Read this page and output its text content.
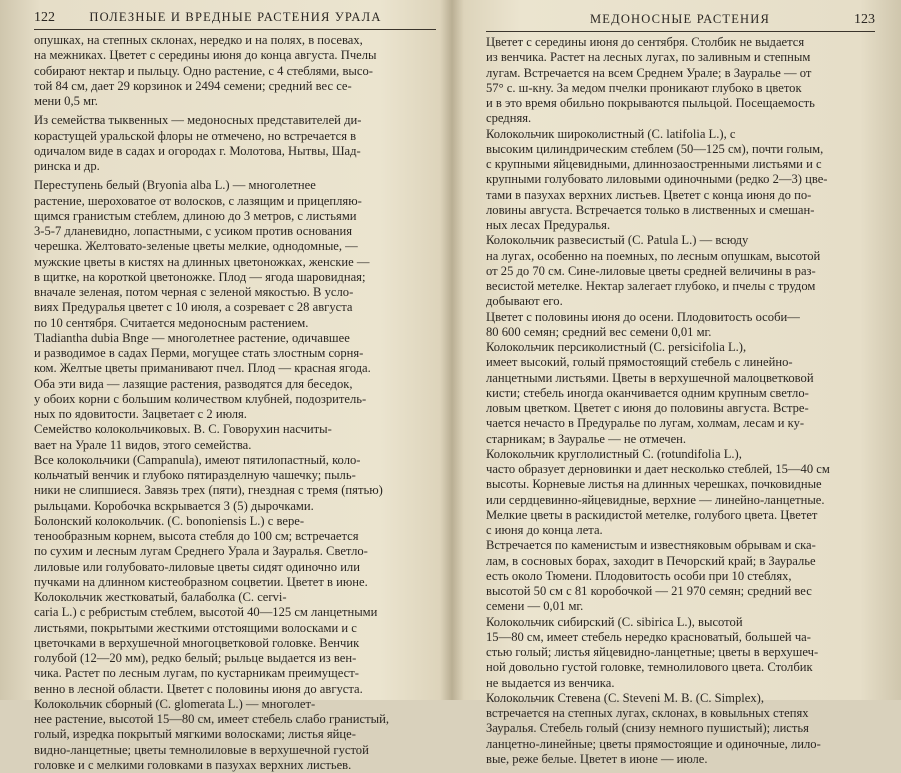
122	ПОЛЕЗНЫЕ И ВРЕДНЫЕ РАСТЕНИЯ УРАЛА
опушках, на степных склонах, нередко и на полях, в посевах,
на межниках. Цветет с середины июня до конца августа. Пчелы
собирают нектар и пыльцу. Одно растение, с 4 стеблями, высо-
той 84 см, дает 29 корзинок и 2494 семени; средний вес се-
мени 0,5 мг.
Из семейства тыквенных — медоносных представителей ди-
корастущей уральской флоры не отмечено, но встречается в
одичалом виде в садах и огородах г. Молотова, Нытвы, Шад-
ринска и др.
Переступень белый (Bryonia alba L.) — многолетнее
растение, шероховатое от волосков, с лазящим и прицепляю-
щимся гранистым стеблем, длиною до 3 метров, с листьями
3-5-7 дланевидно, лопастными, с усиком против основания
черешка. Желтовато-зеленые цветы мелкие, однодомные, —
мужские цветы в кистях на длинных цветоножках, женские —
в щитке, на короткой цветоножке. Плод — ягода шаровидная;
вначале зеленая, потом черная с зеленой мякостью. В усло-
виях Предуралья цветет с 10 июля, а созревает с 28 августа
по 10 сентября. Считается медоносным растением.
Tladiantha dubia Bnge — многолетнее растение, одичавшее
и разводимое в садах Перми, могущее стать злостным сорня-
ком. Желтые цветы приманивают пчел. Плод — красная ягода.
Оба эти вида — лазящие растения, разводятся для беседок,
у обоих корни с большим количеством клубней, подозритель-
ных по ядовитости. Зацветает с 2 июля.
Семейство колокольчиковых. В. С. Говорухин насчиты-
вает на Урале 11 видов, этого семейства.
Все колокольчики (Campanula), имеют пятилопастный, коло-
кольчатый венчик и глубоко пятиразделную чашечку; пыль-
ники не слипшиеся. Завязь трех (пяти), гнездная с тремя (пятью)
рыльцами. Коробочка вскрывается 3 (5) дырочками.
Болонский колокольчик. (C. bononiensis L.) с вере-
тенообразным корнем, высота стебля до 100 см; встречается
по сухим и лесным лугам Среднего Урала и Зауралья. Светло-
лиловые или голубовато-лиловые цветы сидят одиночно или
пучками на длинном кистеобразном соцветии. Цветет в июне.
Колокольчик жестковатый, балаболка (C. cervi-
caria L.) с ребристым стеблем, высотой 40—125 см ланцетными
листьями, покрытыми жесткими отстоящими волосками и с
цветочками в верхушечной многоцветковой головке. Венчик
голубой (12—20 мм), редко белый; рыльце выдается из вен-
чика. Растет по лесным лугам, по кустарникам преимущест-
венно в лесной области. Цветет с половины июня до августа.
Колокольчик сборный (C. glomerata L.) — многолет-
нее растение, высотой 15—80 см, имеет стебель слабо гранистый,
голый, изредка покрытый мягкими волосками; листья яйце-
видно-ланцетные; цветы темнолиловые в верхушечной густой
головке и с мелкими головками в пазухах верхних листьев.
МЕДОНОСНЫЕ РАСТЕНИЯ	123
Цветет с середины июня до сентября. Столбик не выдается
из венчика. Растет на лесных лугах, по заливным и степным
лугам. Встречается на всем Среднем Урале; в Зауралье — от
57° с. ш-кну. За медом пчелки проникают глубоко в цветок
и в это время обильно покрываются пыльцой. Посещаемость
средняя.
Колокольчик широколистный (C. latifolia L.), с
высоким цилиндрическим стеблем (50—125 см), почти голым,
с крупными яйцевидными, длиннозаостренными листьями и с
крупными голубовато лиловыми одиночными (редко 2—3) цве-
тами в пазухах верхних листьев. Цветет с конца июня до по-
ловины августа. Встречается только в лиственных и смешан-
ных лесах Предуралья.
Колокольчик развесистый (C. Patula L.) — всюду
на лугах, особенно на поемных, по лесным опушкам, высотой
от 25 до 70 см. Сине-лиловые цветы средней величины в раз-
весистой метелке. Нектар залегает глубоко, и пчелы с трудом
добывают его.
Цветет с половины июня до осени. Плодовитость особи—
80 600 семян; средний вес семени 0,01 мг.
Колокольчик персиколистный (C. persicifolia L.),
имеет высокий, голый прямостоящий стебель с линейно-
ланцетными листьями. Цветы в верхушечной малоцветковой
кисти; стебель иногда оканчивается одним крупным светло-
ловым цветком. Цветет с июня до половины августа. Встре-
чается нечасто в Предуралье по лугам, холмам, лесам и ку-
старникам; в Зауралье — не отмечен.
Колокольчик круглолистный C. (rotundifolia L.),
часто образует дерновинки и дает несколько стеблей, 15—40 см
высоты. Корневые листья на длинных черешках, почковидные
или сердцевинно-яйцевидные, верхние — линейно-ланцетные.
Мелкие цветы в раскидистой метелке, голубого цвета. Цветет
с июня до конца лета.
Встречается по каменистым и известняковым обрывам и ска-
лам, в сосновых борах, заходит в Печорский край; в Зауралье
есть около Тюмени. Плодовитость особи при 10 стеблях,
высотой 50 см с 81 коробочкой — 21 970 семян; средний вес
семени — 0,01 мг.
Колокольчик сибирский (C. sibirica L.), высотой
15—80 см, имеет стебель нередко красноватый, большей ча-
стью голый; листья яйцевидно-ланцетные; цветы в верхушеч-
ной довольно густой головке, темнолилового цвета. Столбик
не выдается из венчика.
Колокольчик Стевена (C. Steveni M. B. (C. Simplex),
встречается на степных лугах, склонах, в ковыльных степях
Зауралья. Стебель голый (снизу немного пушистый); листья
ланцетно-линейные; цветы прямостоящие и одиночные, лило-
вые, реже белые. Цветет в июне — июле.
